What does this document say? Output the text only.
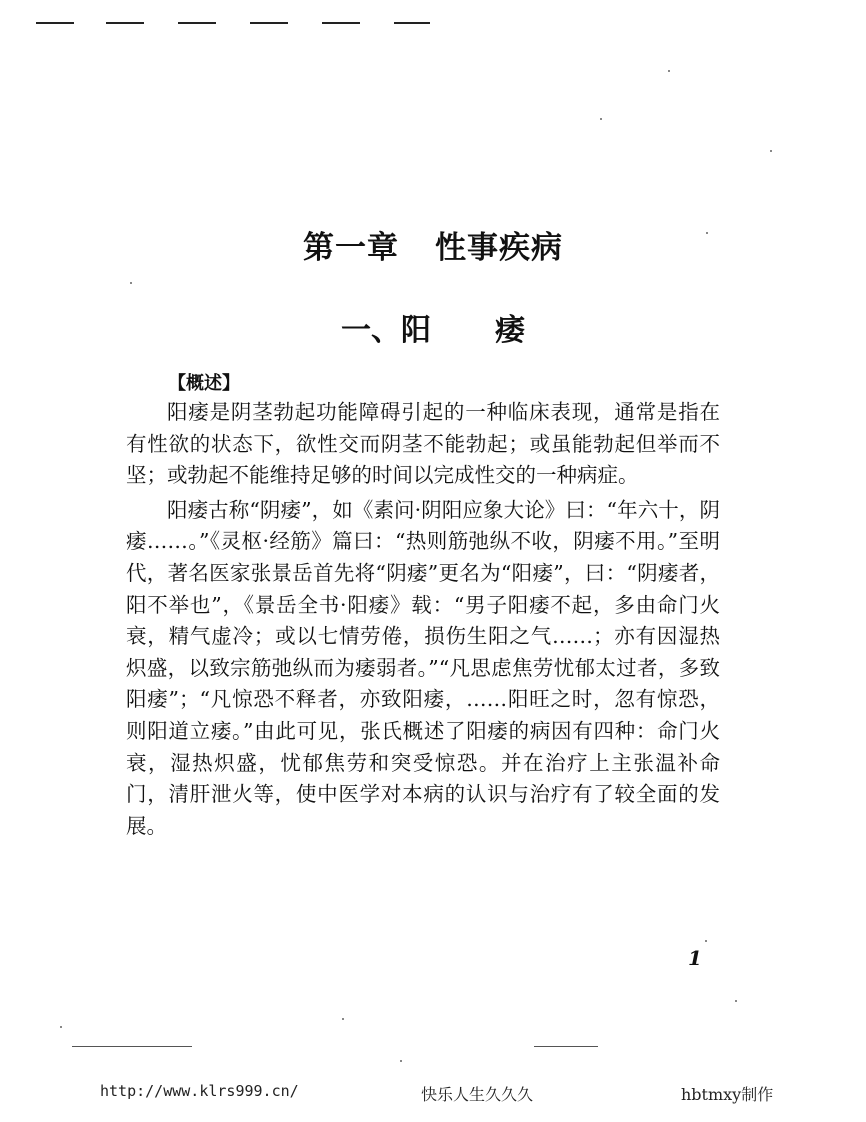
第一章 性事疾病
一、阳 痿
【概述】

阳痿是阴茎勃起功能障碍引起的一种临床表现，通常是指在有性欲的状态下，欲性交而阴茎不能勃起；或虽能勃起但举而不坚；或勃起不能维持足够的时间以完成性交的一种病症。

阳痿古称“阴痿”，如《素问·阴阳应象大论》曰：“年六十，阴痿……。”《灵枢·经筋》篇曰：“热则筋弛纵不收，阴痿不用。”至明代，著名医家张景岳首先将“阴痿”更名为“阳痿”，曰：“阴痿者，阳不举也”，《景岳全书·阳痿》载：“男子阳痿不起，多由命门火衰，精气虚冷；或以七情劳倦，损伤生阳之气……；亦有因湿热炽盛，以致宗筋弛纵而为痿弱者。”“凡思虑焦劳忧郁太过者，多致阳痿”；“凡惊恐不释者，亦致阳痿，……阳旺之时，忽有惊恐，则阳道立痿。”由此可见，张氏概述了阳痿的病因有四种：命门火衰，湿热炽盛，忧郁焦劳和突受惊恐。并在治疗上主张温补命门，清肝泄火等，使中医学对本病的认识与治疗有了较全面的发展。

1
http://www.klrs999.cn/	快乐人生久久久	hbtmxy制作
